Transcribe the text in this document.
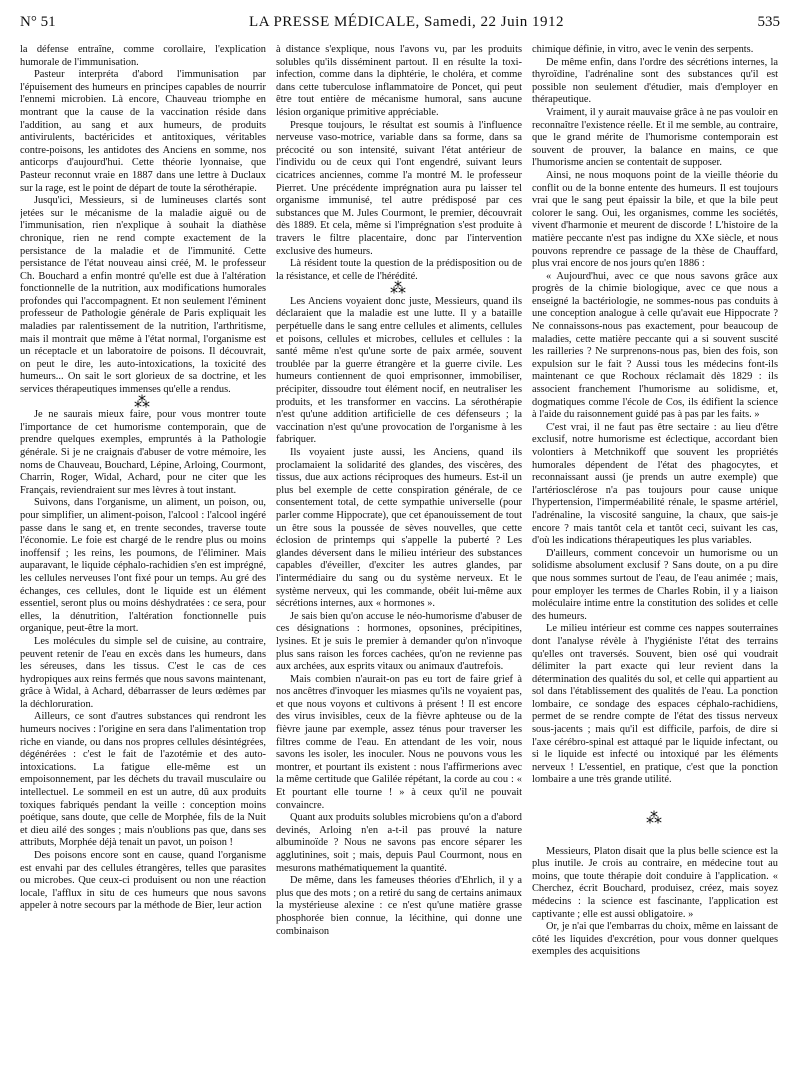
N° 51	LA PRESSE MÉDICALE, Samedi, 22 Juin 1912	535

la défense entraîne, comme corollaire, l'explication humorale de l'immunisation.

Pasteur interpréta d'abord l'immunisation par l'épuisement des humeurs en principes capables de nourrir l'ennemi microbien. Là encore, Chauveau triomphe en montrant que la cause de la vaccination réside dans l'addition, au sang et aux humeurs, de produits antivirulents, bactéricides et antitoxiques, véritables contre-poisons, les antidotes des Anciens en somme, nos anticorps d'aujourd'hui. Cette théorie lyonnaise, que Pasteur reconnut vraie en 1887 dans une lettre à Duclaux sur la rage, est le point de départ de toute la sérothérapie.

Jusqu'ici, Messieurs, si de lumineuses clartés sont jetées sur le mécanisme de la maladie aiguë ou de l'immunisation, rien n'explique à souhait la diathèse chronique, rien ne rend compte exactement de la persistance de la maladie et de l'immunité. Cette persistance de l'état nouveau ainsi créé, M. le professeur Ch. Bouchard a enfin montré qu'elle est due à l'altération fonctionnelle de la nutrition, aux modifications humorales profondes qui l'accompagnent. Et non seulement l'éminent professeur de Pathologie générale de Paris expliquait les maladies par ralentissement de la nutrition, l'arthritisme, mais il montrait que même à l'état normal, l'organisme est un réceptacle et un laboratoire de poisons. Il découvrait, on peut le dire, les auto-intoxications, la toxicité des humeurs... On sait le sort glorieux de sa doctrine, et les services thérapeutiques immenses qu'elle a rendus.

⁂

Je ne saurais mieux faire, pour vous montrer toute l'importance de cet humorisme contemporain, que de prendre quelques exemples, empruntés à la Pathologie générale. Si je ne craignais d'abuser de votre mémoire, les noms de Chauveau, Bouchard, Lépine, Arloing, Courmont, Charrin, Roger, Widal, Achard, pour ne citer que les Français, reviendraient sur mes lèvres à tout instant.

Suivons, dans l'organisme, un aliment, un poison, ou, pour simplifier, un aliment-poison, l'alcool : l'alcool ingéré passe dans le sang et, en trente secondes, traverse toute l'économie. Le foie est chargé de le rendre plus ou moins inoffensif ; les reins, les poumons, de l'éliminer. Mais auparavant, le liquide céphalo-rachidien s'en est imprégné, les cellules nerveuses l'ont fixé pour un temps. Au gré des échanges, ces cellules, dont le liquide est un élément essentiel, seront plus ou moins déshydratées : ce sera, pour elles, la dénutrition, l'altération fonctionnelle puis organique, peut-être la mort.

Les molécules du simple sel de cuisine, au contraire, peuvent retenir de l'eau en excès dans les humeurs, dans les séreuses, dans les tissus. C'est le cas de ces hydropiques aux reins fermés que nous savons maintenant, grâce à Widal, à Achard, débarrasser de leurs œdèmes par la déchloruration.

Ailleurs, ce sont d'autres substances qui rendront les humeurs nocives : l'origine en sera dans l'alimentation trop riche en viande, ou dans nos propres cellules désintégrées, dégénérées : c'est le fait de l'azotémie et des auto-intoxications. La fatigue elle-même est un empoisonnement, par les déchets du travail musculaire ou intellectuel. Le sommeil en est un autre, dû aux produits toxiques fabriqués pendant la veille : conception moins poétique, sans doute, que celle de Morphée, fils de la Nuit et dieu ailé des songes ; mais n'oublions pas que, dans ses attributs, Morphée déjà tenait un pavot, un poison !

Des poisons encore sont en cause, quand l'organisme est envahi par des cellules étrangères, telles que parasites ou microbes. Que ceux-ci produisent ou non une réaction locale, l'afflux in situ de ces humeurs que nous savons appeler à notre secours par la méthode de Bier, leur action

à distance s'explique, nous l'avons vu, par les produits solubles qu'ils disséminent partout. Il en résulte la toxi-infection, comme dans la diphtérie, le choléra, et comme dans cette tuberculose inflammatoire de Poncet, qui peut être tout entière de mécanisme humoral, sans aucune lésion organique primitive appréciable.

Presque toujours, le résultat est soumis à l'influence nerveuse vaso-motrice, variable dans sa forme, dans sa précocité ou son intensité, suivant l'état antérieur de l'individu ou de ceux qui l'ont engendré, suivant leurs cicatrices anciennes, comme l'a montré M. le professeur Pierret. Une précédente imprégnation aura pu laisser tel organisme immunisé, tel autre prédisposé par ces substances que M. Jules Courmont, le premier, découvrait dès 1889. Et cela, même si l'imprégnation s'est produite à travers le filtre placentaire, donc par l'intervention exclusive des humeurs.

Là résident toute la question de la prédisposition ou de la résistance, et celle de l'hérédité.

⁂

Les Anciens voyaient donc juste, Messieurs, quand ils déclaraient que la maladie est une lutte. Il y a bataille perpétuelle dans le sang entre cellules et aliments, cellules et poisons, cellules et microbes, cellules et cellules : la santé même n'est qu'une sorte de paix armée, souvent troublée par la guerre étrangère et la guerre civile. Les humeurs contiennent de quoi emprisonner, immobiliser, précipiter, dissoudre tout élément nocif, en neutraliser les produits, et les transformer en vaccins. La sérothérapie n'est qu'une addition artificielle de ces défenseurs ; la vaccination n'est qu'une provocation de l'organisme à les fabriquer.

Ils voyaient juste aussi, les Anciens, quand ils proclamaient la solidarité des glandes, des viscères, des tissus, due aux actions réciproques des humeurs. Est-il un plus bel exemple de cette conspiration générale, de ce consentement total, de cette sympathie universelle (pour parler comme Hippocrate), que cet épanouissement de tout un être sous la poussée de sèves nouvelles, que cette éclosion de printemps qui s'appelle la puberté ? Les glandes déversent dans le milieu intérieur des substances capables d'éveiller, d'exciter les autres glandes, par l'intermédiaire du sang ou du système nerveux. Et le système nerveux, qui les commande, obéit lui-même aux sécrétions internes, aux « hormones ».

Je sais bien qu'on accuse le néo-humorisme d'abuser de ces désignations : hormones, opsonines, précipitines, lysines. Et je suis le premier à demander qu'on n'invoque plus sans raison les forces cachées, qu'on ne revienne pas aux archées, aux esprits vitaux ou animaux d'autrefois.

Mais combien n'aurait-on pas eu tort de faire grief à nos ancêtres d'invoquer les miasmes qu'ils ne voyaient pas, et que nous voyons et cultivons à présent ! Il est encore des virus invisibles, ceux de la fièvre aphteuse ou de la fièvre jaune par exemple, assez ténus pour traverser les filtres comme de l'eau. En attendant de les voir, nous savons les isoler, les inoculer. Nous ne pouvons vous les montrer, et pourtant ils existent : nous l'affirmerions avec la même certitude que Galilée répétant, la corde au cou : « Et pourtant elle tourne ! » à ceux qu'il ne pouvait convaincre.

Quant aux produits solubles microbiens qu'on a d'abord devinés, Arloing n'en a-t-il pas prouvé la nature albuminoïde ? Nous ne savons pas encore séparer les agglutinines, soit ; mais, depuis Paul Courmont, nous en mesurons mathématiquement la quantité.

De même, dans les fameuses théories d'Ehrlich, il y a plus que des mots ; on a retiré du sang de certains animaux la mystérieuse alexine : ce n'est qu'une matière grasse phosphorée bien connue, la lécithine, qui donne une combinaison

chimique définie, in vitro, avec le venin des serpents.

De même enfin, dans l'ordre des sécrétions internes, la thyroïdine, l'adrénaline sont des substances qu'il est possible non seulement d'étudier, mais d'employer en thérapeutique.

Vraiment, il y aurait mauvaise grâce à ne pas vouloir en reconnaître l'existence réelle. Et il me semble, au contraire, que le grand mérite de l'humorisme contemporain est souvent de prouver, la balance en mains, ce que l'humorisme ancien se contentait de supposer.

Ainsi, ne nous moquons point de la vieille théorie du conflit ou de la bonne entente des humeurs. Il est toujours vrai que le sang peut épaissir la bile, et que la bile peut colorer le sang. Oui, les organismes, comme les sociétés, vivent d'harmonie et meurent de discorde ! L'histoire de la matière peccante n'est pas indigne du XXe siècle, et nous pouvons reprendre ce passage de la thèse de Chauffard, plus vrai encore de nos jours qu'en 1886 :

« Aujourd'hui, avec ce que nous savons grâce aux progrès de la chimie biologique, avec ce que nous a enseigné la bactériologie, ne sommes-nous pas conduits à une conception analogue à celle qu'avait eue Hippocrate ? Ne connaissons-nous pas exactement, pour beaucoup de maladies, cette matière peccante qui a si souvent suscité les railleries ? Ne surprenons-nous pas, bien des fois, son expulsion sur le fait ? Aussi tous les médecins font-ils maintenant ce que Rochoux réclamait dès 1829 : ils associent franchement l'humorisme au solidisme, et, dogmatiques comme l'école de Cos, ils édifient la science à l'aide du raisonnement guidé pas à pas par les faits. »

C'est vrai, il ne faut pas être sectaire : au lieu d'être exclusif, notre humorisme est éclectique, accordant bien volontiers à Metchnikoff que souvent les propriétés humorales dépendent de l'état des phagocytes, et reconnaissant aussi (je prends un autre exemple) que l'artériosclérose n'a pas toujours pour cause unique l'hypertension, l'imperméabilité rénale, le spasme artériel, l'adrénaline, la viscosité sanguine, la chaux, que sais-je encore ? mais tantôt cela et tantôt ceci, suivant les cas, d'où les indications thérapeutiques les plus variables.

D'ailleurs, comment concevoir un humorisme ou un solidisme absolument exclusif ? Sans doute, on a pu dire que nous sommes surtout de l'eau, de l'eau animée ; mais, pour employer les termes de Charles Robin, il y a liaison moléculaire intime entre la constitution des solides et celle des humeurs.

Le milieu intérieur est comme ces nappes souterraines dont l'analyse révèle à l'hygiéniste l'état des terrains qu'elles ont traversés. Souvent, bien osé qui voudrait délimiter la part exacte qui leur revient dans la détermination des qualités du sol, et celle qui appartient au sol dans l'établissement des qualités de l'eau. La ponction lombaire, ce sondage des espaces céphalo-rachidiens, permet de se rendre compte de l'état des tissus nerveux sous-jacents ; mais qu'il est difficile, parfois, de dire si l'axe cérébro-spinal est attaqué par le liquide infectant, ou si le liquide est infecté ou intoxiqué par les éléments nerveux ! L'essentiel, en pratique, c'est que la ponction lombaire a une très grande utilité.

⁂

Messieurs, Platon disait que la plus belle science est la plus inutile. Je crois au contraire, en médecine tout au moins, que toute thérapie doit conduire à l'application. « Cherchez, écrit Bouchard, produisez, créez, mais soyez médecins : la science est fascinante, l'application est captivante ; elle est aussi obligatoire. »

Or, je n'ai que l'embarras du choix, même en laissant de côté les liquides d'excrétion, pour vous donner quelques exemples des acquisitions
